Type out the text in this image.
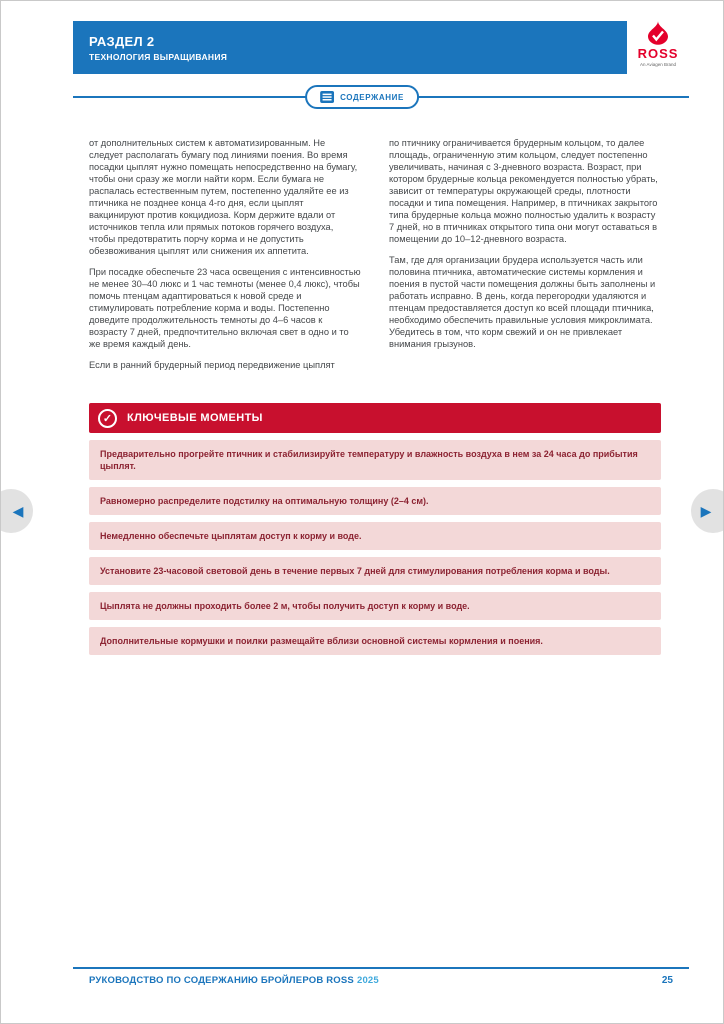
РАЗДЕЛ 2
ТЕХНОЛОГИЯ ВЫРАЩИВАНИЯ	ROSS
An Aviagen Brand
СОДЕРЖАНИЕ

от дополнительных систем к автоматизированным. Не следует располагать бумагу под линиями поения. Во время посадки цыплят нужно помещать непосредственно на бумагу, чтобы они сразу же могли найти корм. Если бумага не распалась естественным путем, постепенно удаляйте ее из птичника не позднее конца 4-го дня, если цыплят вакцинируют против кокцидиоза. Корм держите вдали от источников тепла или прямых потоков горячего воздуха, чтобы предотвратить порчу корма и не допустить обезвоживания цыплят или снижения их аппетита.

При посадке обеспечьте 23 часа освещения с интенсивностью не менее 30–40 люкс и 1 час темноты (менее 0,4 люкс), чтобы помочь птенцам адаптироваться к новой среде и стимулировать потребление корма и воды. Постепенно доведите продолжительность темноты до 4–6 часов к возрасту 7 дней, предпочтительно включая свет в одно и то же время каждый день.

Если в ранний брудерный период передвижение цыплят

по птичнику ограничивается брудерным кольцом, то далее площадь, ограниченную этим кольцом, следует постепенно увеличивать, начиная с 3-дневного возраста. Возраст, при котором брудерные кольца рекомендуется полностью убрать, зависит от температуры окружающей среды, плотности посадки и типа помещения. Например, в птичниках закрытого типа брудерные кольца можно полностью удалить к возрасту 7 дней, но в птичниках открытого типа они могут оставаться в помещении до 10–12-дневного возраста.

Там, где для организации брудера используется часть или половина птичника, автоматические системы кормления и поения в пустой части помещения должны быть заполнены и работать исправно. В день, когда перегородки удаляются и птенцам предоставляется доступ ко всей площади птичника, необходимо обеспечить правильные условия микроклимата. Убедитесь в том, что корм свежий и он не привлекает внимания грызунов.

✓	КЛЮЧЕВЫЕ МОМЕНТЫ
Предварительно прогрейте птичник и стабилизируйте температуру и влажность воздуха в нем за 24 часа до прибытия цыплят.
Равномерно распределите подстилку на оптимальную толщину (2–4 см).
Немедленно обеспечьте цыплятам доступ к корму и воде.
Установите 23-часовой световой день в течение первых 7 дней для стимулирования потребления корма и воды.
Цыплята не должны проходить более 2 м, чтобы получить доступ к корму и воде.
Дополнительные кормушки и поилки размещайте вблизи основной системы кормления и поения.
◀	▶
РУКОВОДСТВО ПО СОДЕРЖАНИЮ БРОЙЛЕРОВ ROSS 2025	25
